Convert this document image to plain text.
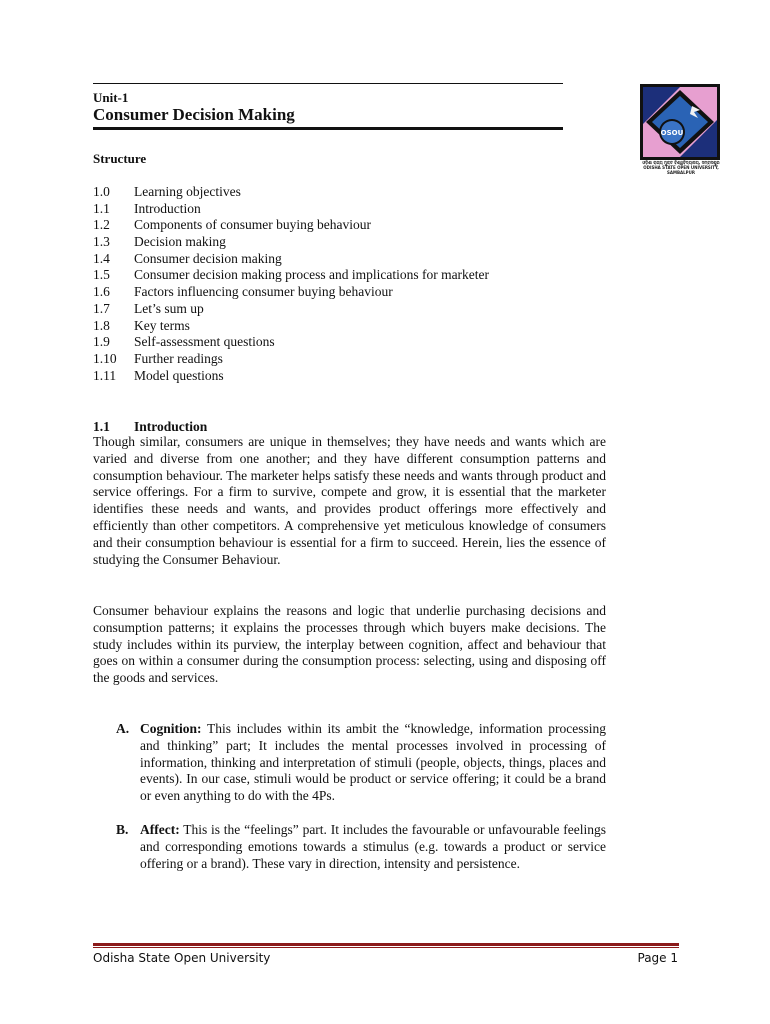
Unit-1
Consumer Decision Making
OSOU
ଓଡ଼ିଶା ରାଜ୍ୟ ମୁକ୍ତ ବିଶ୍ୱବିଦ୍ୟାଳୟ, ସମ୍ବଲପୁର
ODISHA STATE OPEN UNIVERSITY, SAMBALPUR
Structure
1.0	Learning objectives
1.1	Introduction
1.2	Components of consumer buying behaviour
1.3	Decision making
1.4	Consumer decision making
1.5	Consumer decision making process and implications for marketer
1.6	Factors influencing consumer buying behaviour
1.7	Let’s sum up
1.8	Key terms
1.9	Self-assessment questions
1.10	Further readings
1.11	Model questions
1.1 Introduction

Though similar, consumers are unique in themselves; they have needs and wants which are varied and diverse from one another; and they have different consumption patterns and consumption behaviour. The marketer helps satisfy these needs and wants through product and service offerings. For a firm to survive, compete and grow, it is essential that the marketer identifies these needs and wants, and provides product offerings more effectively and efficiently than other competitors. A comprehensive yet meticulous knowledge of consumers and their consumption behaviour is essential for a firm to succeed. Herein, lies the essence of studying the Consumer Behaviour.

Consumer behaviour explains the reasons and logic that underlie purchasing decisions and consumption patterns; it explains the processes through which buyers make decisions. The study includes within its purview, the interplay between cognition, affect and behaviour that goes on within a consumer during the consumption process: selecting, using and disposing off the goods and services.

A. Cognition: This includes within its ambit the “knowledge, information processing and thinking” part; It includes the mental processes involved in processing of information, thinking and interpretation of stimuli (people, objects, things, places and events). In our case, stimuli would be product or service offering; it could be a brand or even anything to do with the 4Ps.
B. Affect: This is the “feelings” part. It includes the favourable or unfavourable feelings and corresponding emotions towards a stimulus (e.g. towards a product or service offering or a brand). These vary in direction, intensity and persistence.
Odisha State Open University	Page 1
